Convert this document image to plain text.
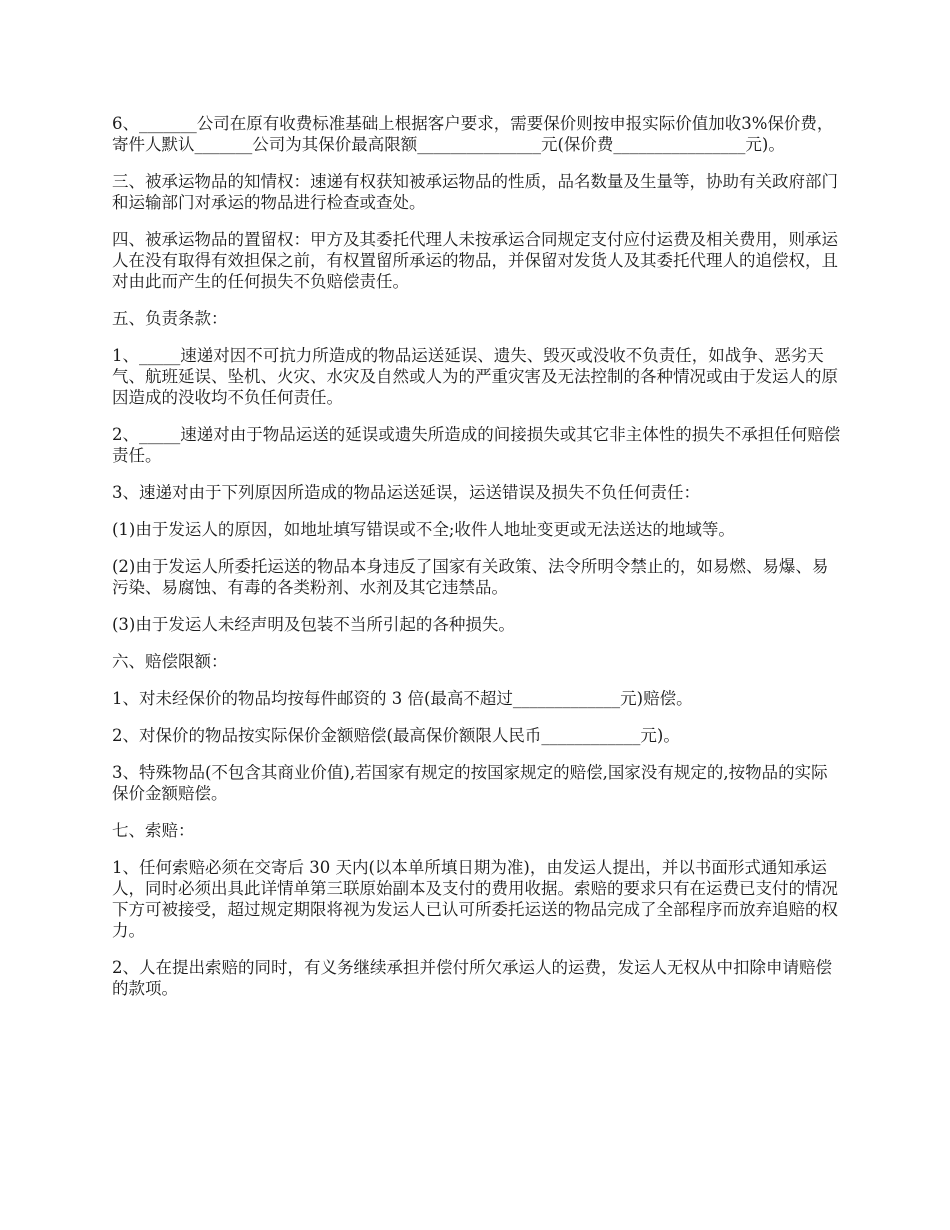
6、_______公司在原有收费标准基础上根据客户要求，需要保价则按申报实际价值加收3%保价费，寄件人默认_______公司为其保价最高限额_______________元(保价费________________元)。

三、被承运物品的知情权：速递有权获知被承运物品的性质，品名数量及生量等，协助有关政府部门和运输部门对承运的物品进行检查或查处。

四、被承运物品的置留权：甲方及其委托代理人未按承运合同规定支付应付运费及相关费用，则承运人在没有取得有效担保之前，有权置留所承运的物品，并保留对发货人及其委托代理人的追偿权，且对由此而产生的任何损失不负赔偿责任。

五、负责条款：

1、_____速递对因不可抗力所造成的物品运送延误、遗失、毁灭或没收不负责任，如战争、恶劣天气、航班延误、坠机、火灾、水灾及自然或人为的严重灾害及无法控制的各种情况或由于发运人的原因造成的没收均不负任何责任。

2、_____速递对由于物品运送的延误或遗失所造成的间接损失或其它非主体性的损失不承担任何赔偿责任。

3、速递对由于下列原因所造成的物品运送延误，运送错误及损失不负任何责任：

(1)由于发运人的原因，如地址填写错误或不全;收件人地址变更或无法送达的地域等。

(2)由于发运人所委托运送的物品本身违反了国家有关政策、法令所明令禁止的，如易燃、易爆、易污染、易腐蚀、有毒的各类粉剂、水剂及其它违禁品。

(3)由于发运人未经声明及包装不当所引起的各种损失。

六、赔偿限额：

1、对未经保价的物品均按每件邮资的 3 倍(最高不超过_____________元)赔偿。

2、对保价的物品按实际保价金额赔偿(最高保价额限人民币____________元)。

3、特殊物品(不包含其商业价值),若国家有规定的按国家规定的赔偿,国家没有规定的,按物品的实际保价金额赔偿。

七、索赔：

1、任何索赔必须在交寄后 30 天内(以本单所填日期为准)，由发运人提出，并以书面形式通知承运人，同时必须出具此详情单第三联原始副本及支付的费用收据。索赔的要求只有在运费已支付的情况下方可被接受，超过规定期限将视为发运人已认可所委托运送的物品完成了全部程序而放弃追赔的权力。

2、人在提出索赔的同时，有义务继续承担并偿付所欠承运人的运费，发运人无权从中扣除申请赔偿的款项。
